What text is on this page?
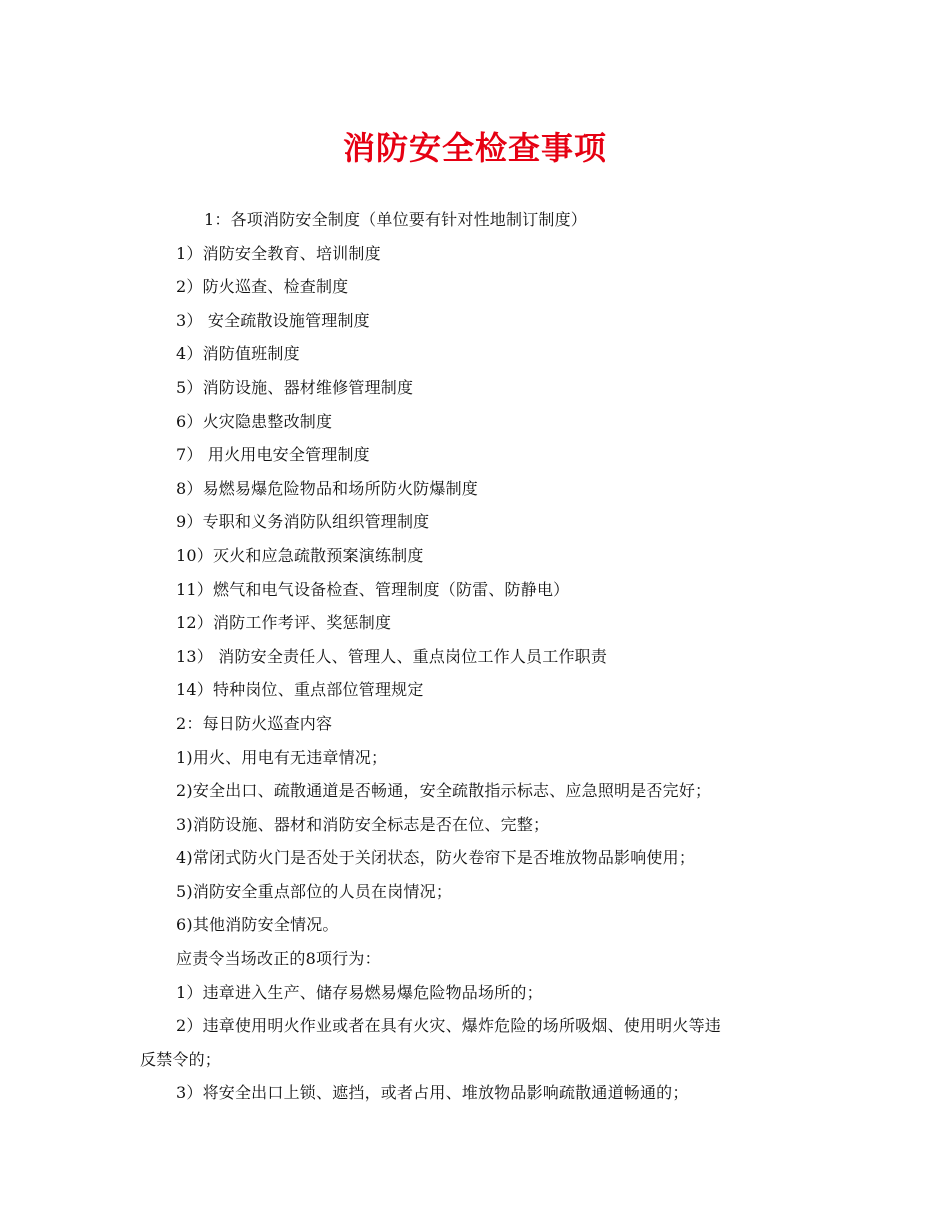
消防安全检查事项
1：各项消防安全制度（单位要有针对性地制订制度）
1）消防安全教育、培训制度
2）防火巡查、检查制度
3） 安全疏散设施管理制度
4）消防值班制度
5）消防设施、器材维修管理制度
6）火灾隐患整改制度
7） 用火用电安全管理制度
8）易燃易爆危险物品和场所防火防爆制度
9）专职和义务消防队组织管理制度
10）灭火和应急疏散预案演练制度
11）燃气和电气设备检查、管理制度（防雷、防静电）
12）消防工作考评、奖惩制度
13） 消防安全责任人、管理人、重点岗位工作人员工作职责
14）特种岗位、重点部位管理规定
2：每日防火巡查内容
1)用火、用电有无违章情况；
2)安全出口、疏散通道是否畅通，安全疏散指示标志、应急照明是否完好；
3)消防设施、器材和消防安全标志是否在位、完整；
4)常闭式防火门是否处于关闭状态，防火卷帘下是否堆放物品影响使用；
5)消防安全重点部位的人员在岗情况；
6)其他消防安全情况。
应责令当场改正的8项行为：
1）违章进入生产、储存易燃易爆危险物品场所的；
2）违章使用明火作业或者在具有火灾、爆炸危险的场所吸烟、使用明火等违
反禁令的；
3）将安全出口上锁、遮挡，或者占用、堆放物品影响疏散通道畅通的；
